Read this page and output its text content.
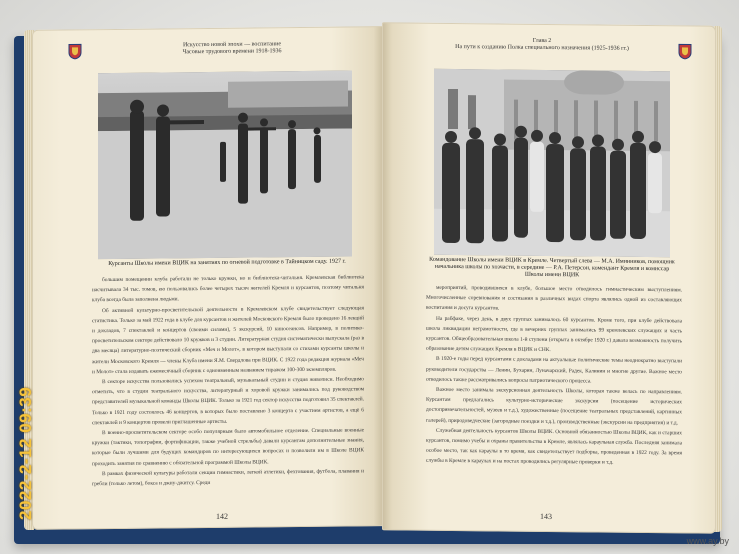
Искусство новой эпохи — воспитание
Часовые трудового времени 1918-1936
Курсанты Школы имени ВЦИК на занятиях по огневой подготовке в Тайницком саду. 1927 г.

большим помещении клуба работали не только кружки, но и библиотека-читальня. Кремлевская библиотека насчитывала 34 тыс. томов, ею пользовались более четырех тысяч жителей Кремля и курсантов, поэтому читальня клуба всегда была заполнена людьми.

Об активной культурно-просветительской деятельности в Кремлевском клубе свидетельствует следующая статистика. Только за май 1922 года в клубе для курсантов и жителей Московского Кремля было проведено 16 лекций и докладов, 7 спектаклей и концертов (своими силами), 5 экскурсий, 10 киносеансов. Например, в политико-просветительском секторе действовало 10 кружков и 3 студии. Литературная студия систематически выпускала (раз в два месяца) литературно-поэтический сборник «Меч и Молот», в котором выступали со стихами курсанты школы и жители Московского Кремля — члены Клуба имени Я.М. Свердлова при ВЦИК. С 1922 года редакция журнала «Меч и Молот» стала издавать ежемесячный сборник с одноименным названием тиражом 100-300 экземпляров.

В секторе искусства пользовались успехом театральный, музыкальный студии и студия живописи. Необходимо отметить, что в студии театрального искусства, литературный и хоровой кружки занимались под руководством представителей музыкальной команды Школы ВЦИК. Только за 1921 год сектор искусства подготовил 35 спектаклей. Только в 1921 году состоялось 46 концертов, в которых было поставлено 3 концерта с участием артистов, а ещё 6 спектаклей и 9 концертов провели приглашенные артисты.

В военно-просветительском секторе особо популярным было автомобильное отделение. Специальные военные кружки (тактики, топографии, фортификации, также учебной стрельбы) давали курсантам дополнительные знания, которые были лучшими для будущих командиров по интересующихся вопросах и позволили им в Школе ВЦИК проходить занятия по сравнению с обязательной программой Школы ВЦИК.

В рамках физической культуры работали секции гимнастики, легкой атлетики, фехтования, футбола, плавания и гребли (только летом), бокса и джиу-джитсу. Среди

142
Глава 2
На пути к созданию Полка специального назначения (1925-1936 гг.)
Командование Школы имени ВЦИК в Кремле. Четвертый слева — М.А. Иминников, помощник начальника школы по хозчасти, в середине — P.A. Петерсон, комендант Кремля и комиссар Школы имени ВЦИК

мероприятий, проводившихся в клубе, большое место отводилось гимнастическим выступлениям. Многочисленные соревнования и состязания в различных видах спорта являлись одной из составляющих воспитания и досуга курсантов.

На рабфаке, через день, в двух группах занималось 60 курсантов. Кроме того, при клубе действовала школа ликвидации неграмотности, где в вечерних группах занимались 99 кремлевских служащих и часть курсантов. Общеобразовательная школа 1-й ступени (открыта в октябре 1920 г.) давала возможность получить образование детям служащих Кремля в ВЦИК и СНК.

В 1920-е годы перед курсантами с докладами на актуальные политические темы неоднократно выступали руководители государства — Ленин, Бухарин, Луначарский, Радек, Калинин и многие другие. Важное место отводилось также рассматривались вопросы патриотического процесса.

Важное место занимала экскурсионная деятельность Школы, которая также велась по направлениям. Курсантам предлагались культурно-исторические экскурсии (посещение исторических достопримечательностей, музеев и т.д.), художественные (посещение театральных представлений, картинных галерей), природоведческие (загородные поездки и т.д.), производственные (экскурсии на предприятия) и т.д.

Служебная деятельность курсантов Школы ВЦИК. Основной обязанностью Школы ВЦИК, как и старших курсантов, помимо учебы и охраны правительства в Кремле, являлась караульная служба. Последняя занимала особое место, так как караулы в то время, как свидетельствует подборка, проведенная в 1922 году. За время службы в Кремле в караулах и на постах проводились регулярные проверки и т.д.

143
2022-2-12 09:39
www.ay.by
